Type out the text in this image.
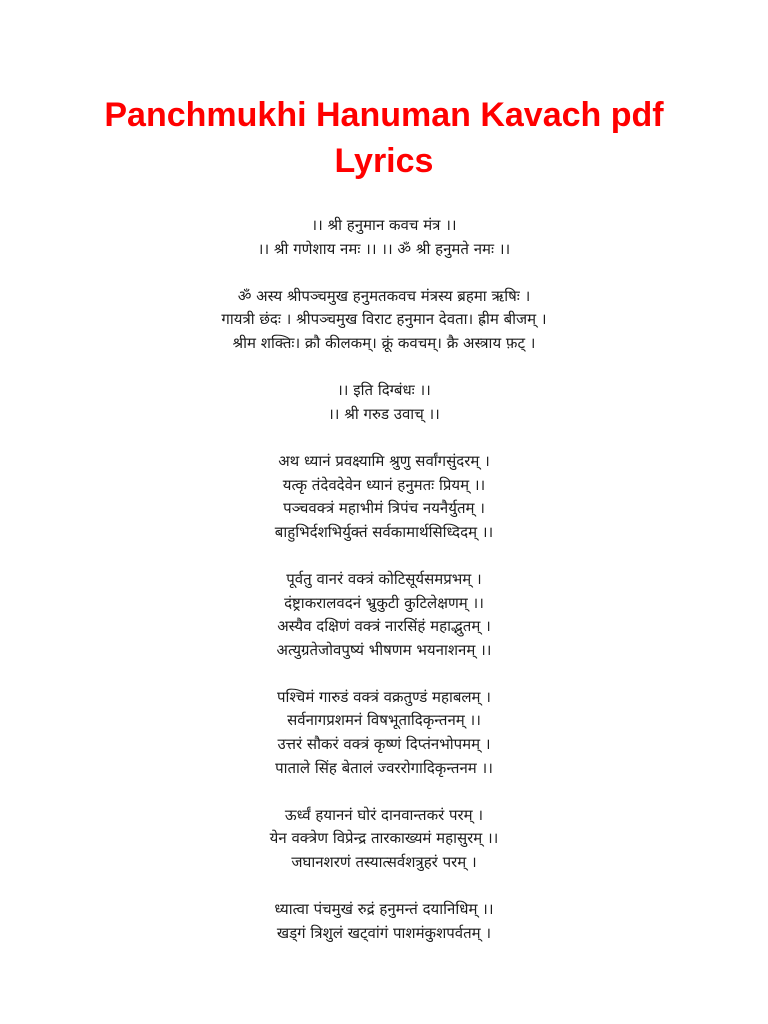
Panchmukhi Hanuman Kavach pdf
Lyrics

।। श्री हनुमान कवच मंत्र ।।
।। श्री गणेशाय नमः ।। ।। ॐ श्री हनुमते नमः ।।

ॐ अस्य श्रीपञ्चमुख हनुमतकवच मंत्रस्य ब्रहमा ऋषिः ।
गायत्री छंदः । श्रीपञ्चमुख विराट हनुमान देवता। ह्रीम बीजम् ।
श्रीम शक्तिः। क्रौ कीलकम्। क्रूं कवचम्। क्रै अस्त्राय फ़ट् ।

।। इति दिग्बंधः ।।
।। श्री गरुड उवाच् ।।

अथ ध्यानं प्रवक्ष्यामि श्रुणु सर्वांगसुंदरम् ।
यत्कृ तंदेवदेवेन ध्यानं हनुमतः प्रियम् ।।
पञ्चवक्त्रं महाभीमं त्रिपंच नयनैर्युतम् ।
बाहुभिर्दशभिर्युक्तं सर्वकामार्थसिध्दिदम् ।।

पूर्वतु वानरं वक्त्रं कोटिसूर्यसमप्रभम् ।
दंष्ट्राकरालवदनं भ्रुकुटी कुटिलेक्षणम् ।।
अस्यैव दक्षिणं वक्त्रं नारसिंहं महाद्भुतम् ।
अत्युग्रतेजोवपुष्यं भीषणम भयनाशनम् ।।

पश्चिमं गारुडं वक्त्रं वक्रतुण्डं महाबलम् ।
सर्वनागप्रशमनं विषभूतादिकृन्तनम् ।।
उत्तरं सौकरं वक्त्रं कृष्णं दिप्तंनभोपमम् ।
पाताले सिंह बेतालं ज्वररोगादिकृन्तनम ।।

ऊर्ध्वं हयाननं घोरं दानवान्तकरं परम् ।
येन वक्त्रेण विप्रेन्द्र तारकाख्यमं महासुरम् ।।
जघानशरणं तस्यात्सर्वशत्रुहरं परम् ।

ध्यात्वा पंचमुखं रुद्रं हनुमन्तं दयानिधिम् ।।
खड्गं त्रिशुलं खट्वांगं पाशमंकुशपर्वतम् ।
